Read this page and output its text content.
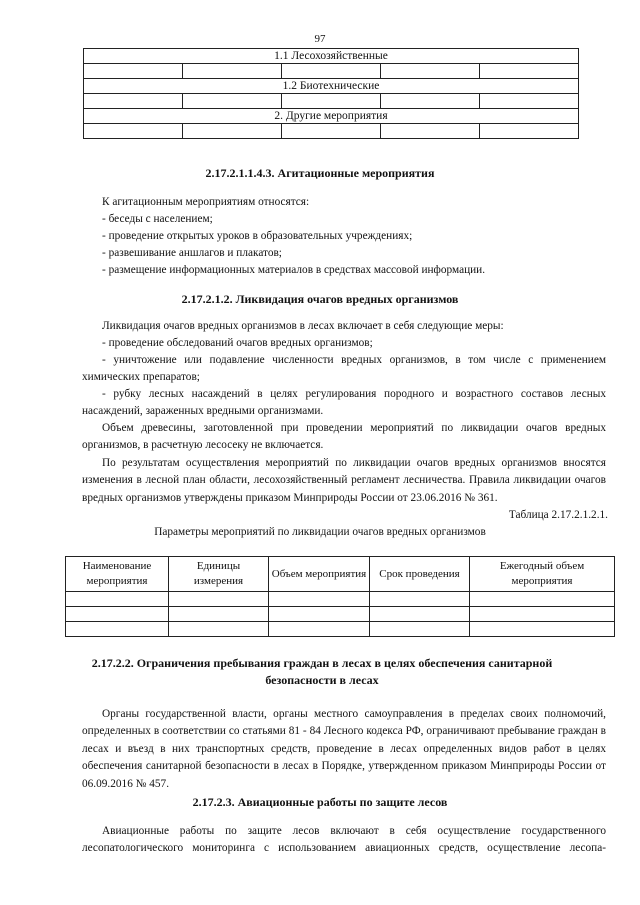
97
1.1 Лесохозяйственные				

1.2 Биотехнические				

2. Другие мероприятия				

2.17.2.1.1.4.3. Агитационные мероприятия

К агитационным мероприятиям относятся:

- беседы с населением;

- проведение открытых уроков в образовательных учреждениях;

- развешивание аншлагов и плакатов;

- размещение информационных материалов в средствах массовой информации.

2.17.2.1.2. Ликвидация очагов вредных организмов

Ликвидация очагов вредных организмов в лесах включает в себя следующие меры:

- проведение обследований очагов вредных организмов;

- уничтожение или подавление численности вредных организмов, в том числе с применением химических препаратов;

- рубку лесных насаждений в целях регулирования породного и возрастного составов лесных насаждений, зараженных вредными организмами.

Объем древесины, заготовленной при проведении мероприятий по ликвидации очагов вредных организмов, в расчетную лесосеку не включается.

По результатам осуществления мероприятий по ликвидации очагов вредных организмов вносятся изменения в лесной план области, лесохозяйственный регламент лесничества. Правила ликвидации очагов вредных организмов утверждены приказом Минприроды России от 23.06.2016 № 361.

Таблица 2.17.2.1.2.1.

Параметры мероприятий по ликвидации очагов вредных организмов

Наименование мероприятия	Единицы измерения	Объем мероприятия	Срок проведения	Ежегодный объем мероприятия

2.17.2.2. Ограничения пребывания граждан в лесах в целях обеспечения санитарной безопасности в лесах

Органы государственной власти, органы местного самоуправления в пределах своих полномочий, определенных в соответствии со статьями 81 - 84 Лесного кодекса РФ, ограничивают пребывание граждан в лесах и въезд в них транспортных средств, проведение в лесах определенных видов работ в целях обеспечения санитарной безопасности в лесах в Порядке, утвержденном приказом Минприроды России от 06.09.2016 № 457.

2.17.2.3. Авиационные работы по защите лесов

Авиационные работы по защите лесов включают в себя осуществление государственного лесопатологического мониторинга с использованием авиационных средств, осуществление лесопа-
